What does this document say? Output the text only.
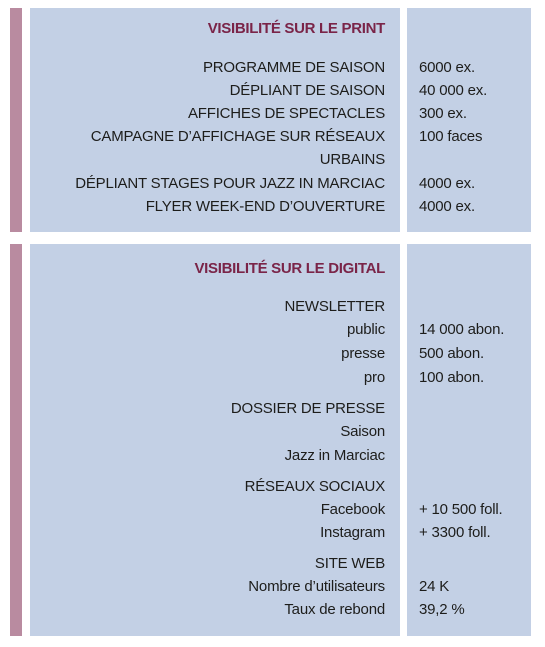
VISIBILITÉ SUR LE PRINT
PROGRAMME DE SAISON 6000 ex.
DÉPLIANT DE SAISON 40 000 ex.
AFFICHES DE SPECTACLES 300 ex.
CAMPAGNE D’AFFICHAGE SUR RÉSEAUX 100 faces
URBAINS
DÉPLIANT STAGES POUR JAZZ IN MARCIAC 4000 ex.
FLYER WEEK-END D’OUVERTURE 4000 ex.
VISIBILITÉ SUR LE DIGITAL
NEWSLETTER
public 14 000 abon.
presse 500 abon.
pro 100 abon.
DOSSIER DE PRESSE
Saison
Jazz in Marciac
RÉSEAUX SOCIAUX
Facebook + 10 500 foll.
Instagram + 3300 foll.
SITE WEB
Nombre d’utilisateurs 24 K
Taux de rebond 39,2 %
